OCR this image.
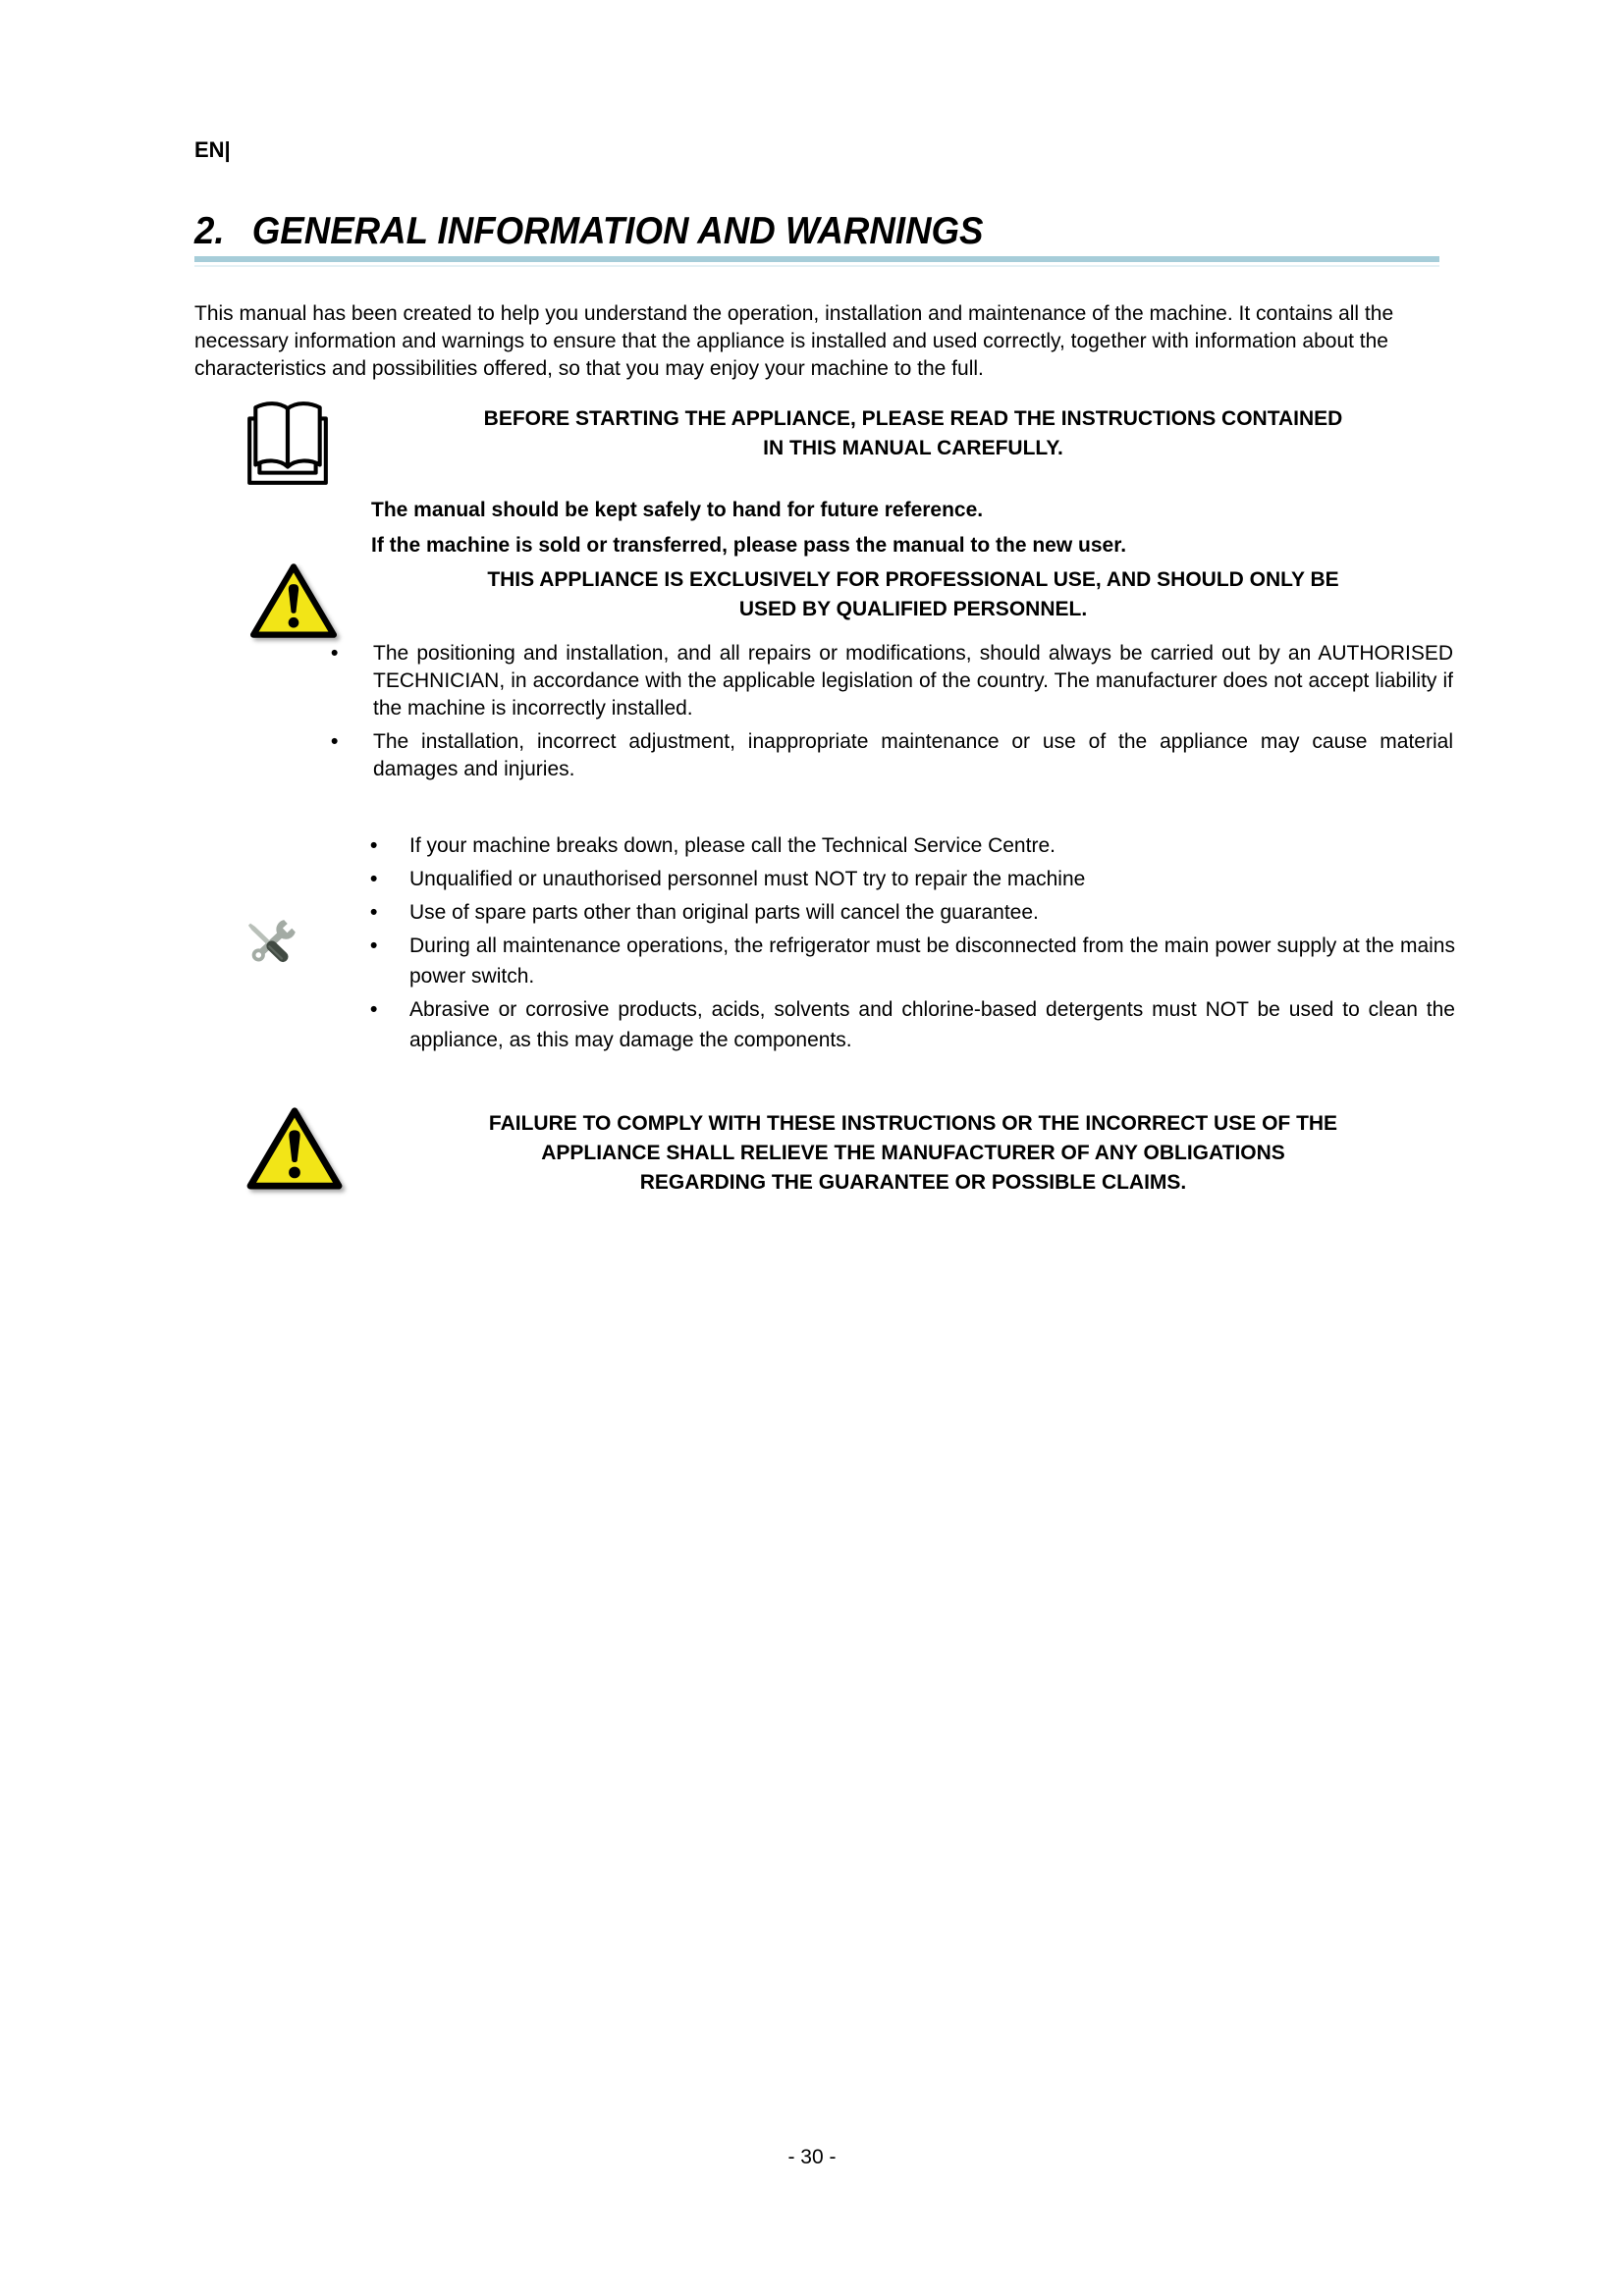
EN|
2. GENERAL INFORMATION AND WARNINGS
This manual has been created to help you understand the operation, installation and maintenance of the machine. It contains all the necessary information and warnings to ensure that the appliance is installed and used correctly, together with information about the characteristics and possibilities offered, so that you may enjoy your machine to the full.
BEFORE STARTING THE APPLIANCE, PLEASE READ THE INSTRUCTIONS CONTAINED
IN THIS MANUAL CAREFULLY.
The manual should be kept safely to hand for future reference.
If the machine is sold or transferred, please pass the manual to the new user.
THIS APPLIANCE IS EXCLUSIVELY FOR PROFESSIONAL USE, AND SHOULD ONLY BE
USED BY QUALIFIED PERSONNEL.
• The positioning and installation, and all repairs or modifications, should always be carried out by an AUTHORISED TECHNICIAN, in accordance with the applicable legislation of the country. The manufacturer does not accept liability if the machine is incorrectly installed.
• The installation, incorrect adjustment, inappropriate maintenance or use of the appliance may cause material damages and injuries.
• If your machine breaks down, please call the Technical Service Centre.
• Unqualified or unauthorised personnel must NOT try to repair the machine
• Use of spare parts other than original parts will cancel the guarantee.
• During all maintenance operations, the refrigerator must be disconnected from the main power supply at the mains power switch.
• Abrasive or corrosive products, acids, solvents and chlorine-based detergents must NOT be used to clean the appliance, as this may damage the components.
FAILURE TO COMPLY WITH THESE INSTRUCTIONS OR THE INCORRECT USE OF THE
APPLIANCE SHALL RELIEVE THE MANUFACTURER OF ANY OBLIGATIONS
REGARDING THE GUARANTEE OR POSSIBLE CLAIMS.
- 30 -
